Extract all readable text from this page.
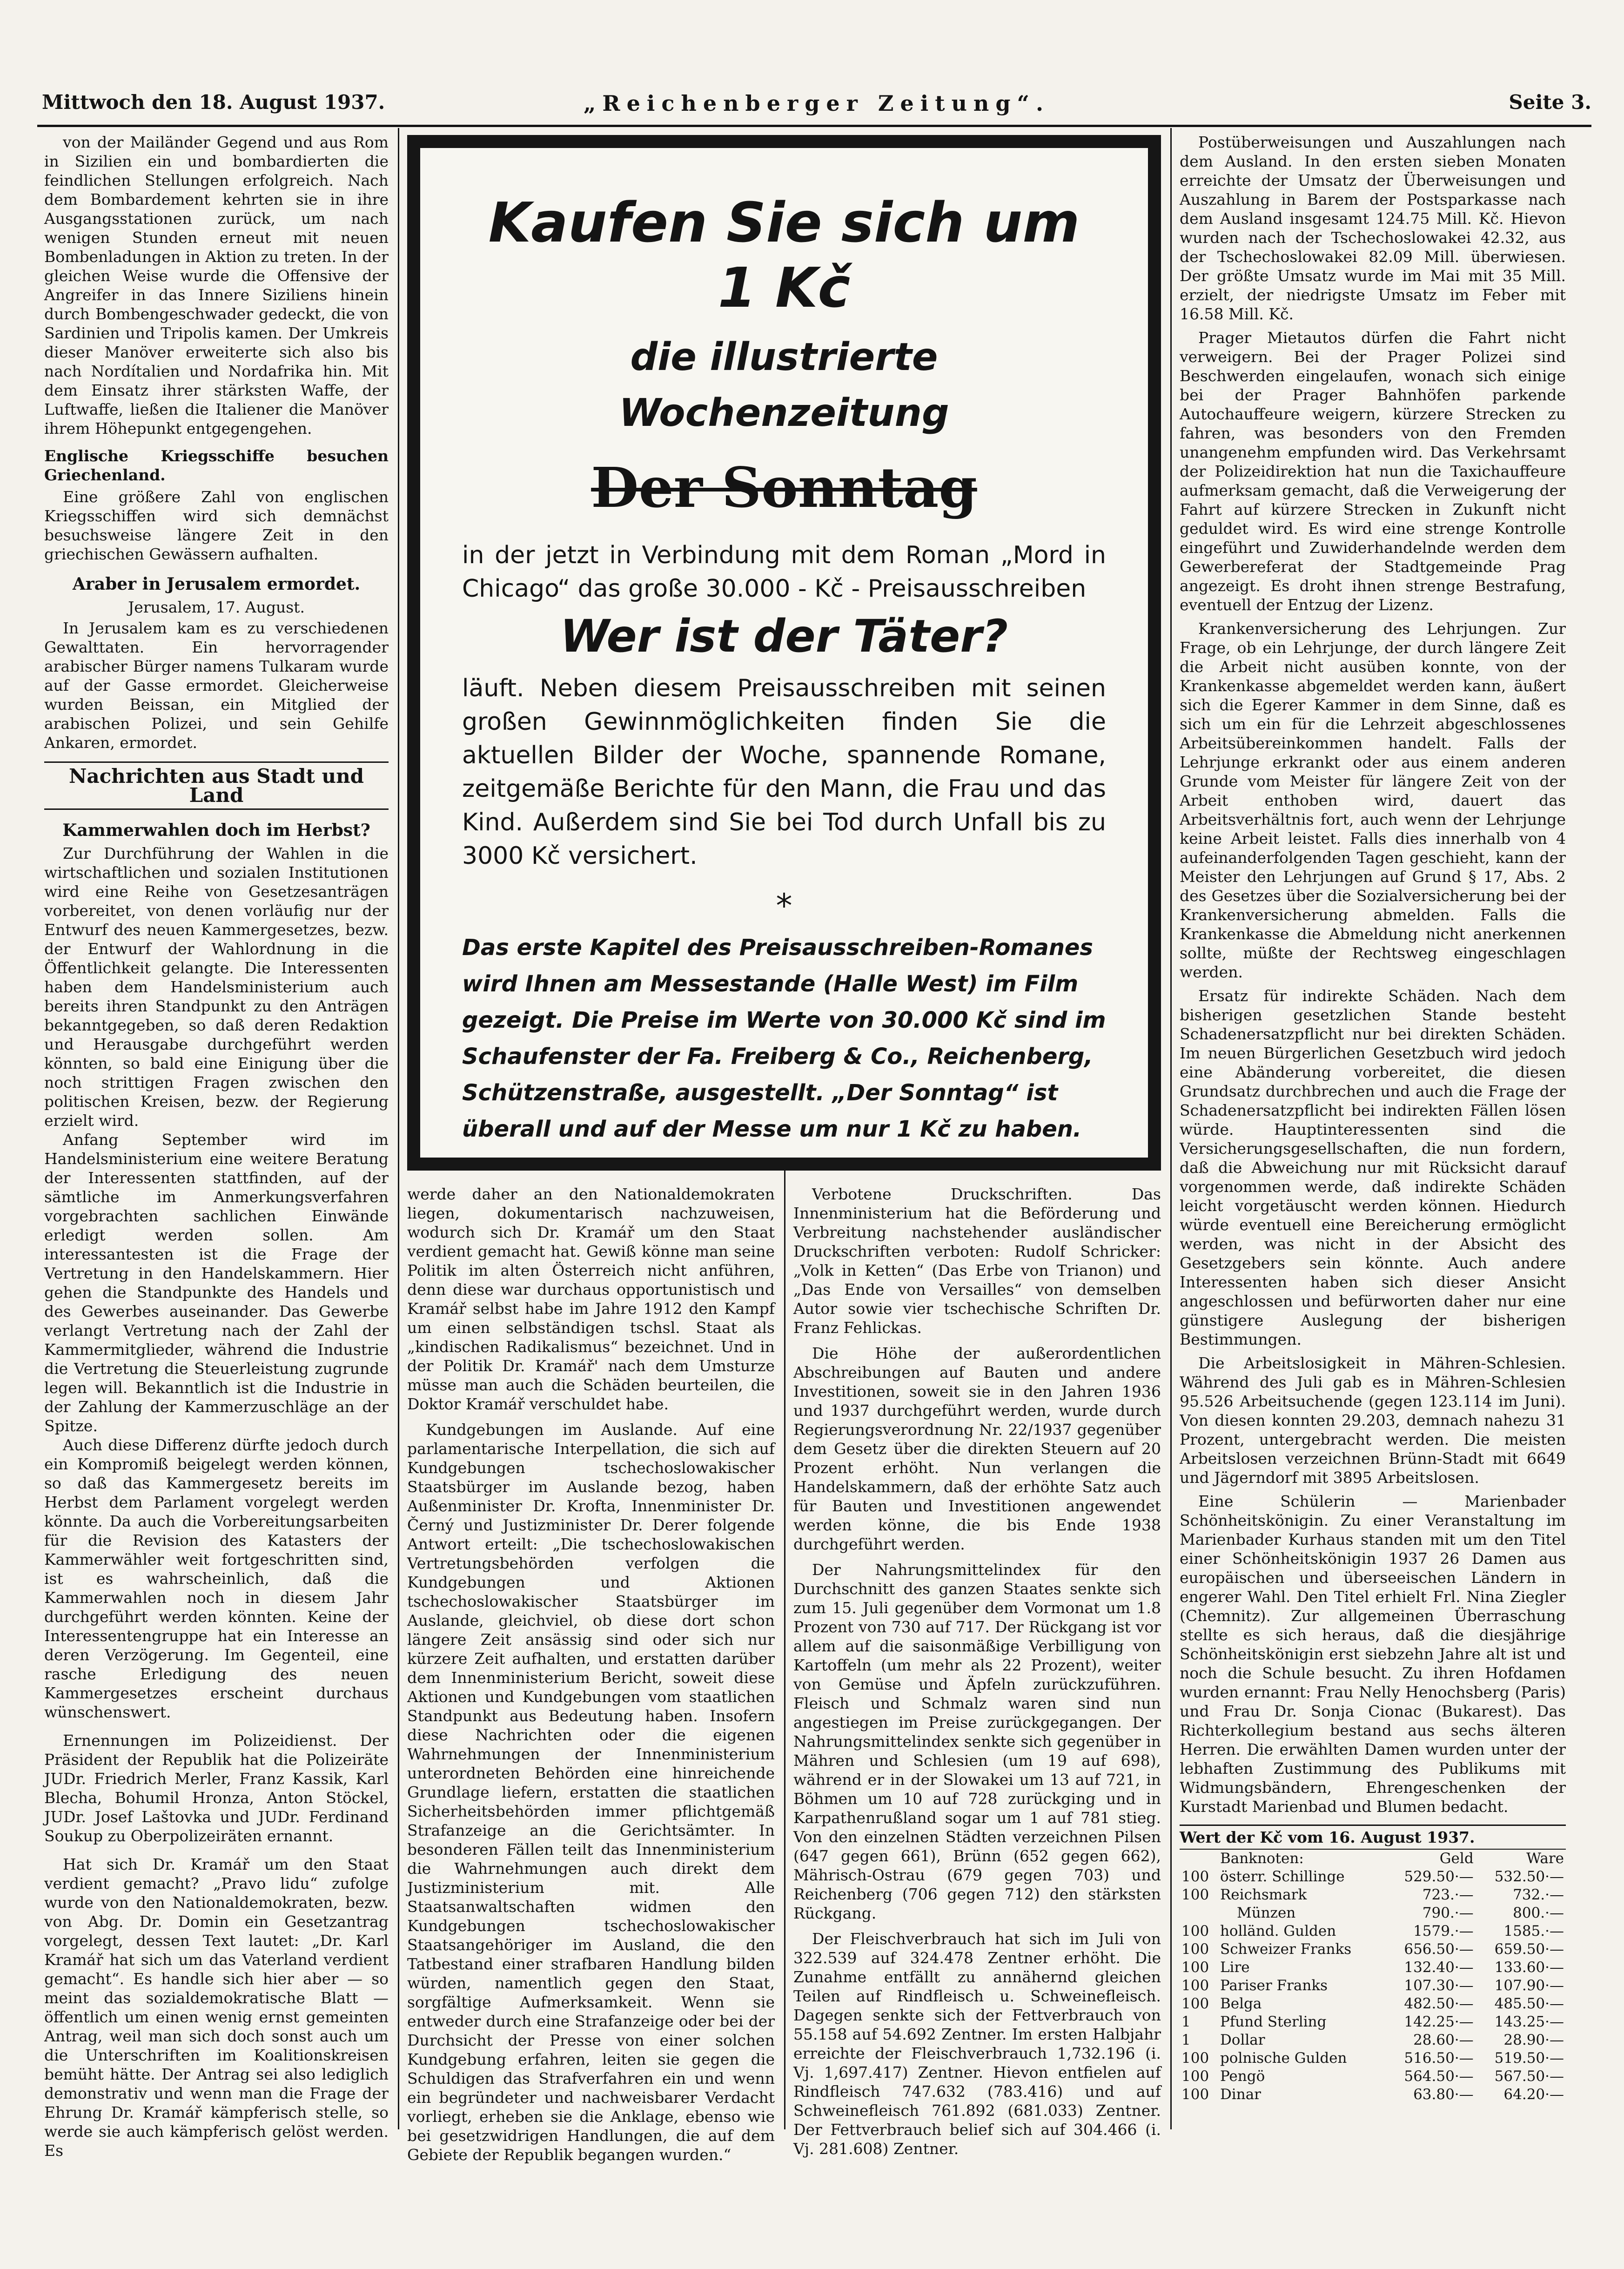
Mittwoch den 18. August 1937.	„Reichenberger Zeitung“.	Seite 3.

von der Mailänder Gegend und aus Rom in Sizilien ein und bombardierten die feindlichen Stellungen erfolgreich. Nach dem Bombardement kehrten sie in ihre Ausgangsstationen zurück, um nach wenigen Stunden erneut mit neuen Bombenladungen in Aktion zu treten. In der gleichen Weise wurde die Offensive der Angreifer in das Innere Siziliens hinein durch Bombengeschwader gedeckt, die von Sardinien und Tripolis kamen. Der Umkreis dieser Manöver erweiterte sich also bis nach Nordítalien und Nordafrika hin. Mit dem Einsatz ihrer stärksten Waffe, der Luftwaffe, ließen die Italiener die Manöver ihrem Höhepunkt entgegengehen.

Englische Kriegsschiffe besuchen Griechenland.

Eine größere Zahl von englischen Kriegsschiffen wird sich demnächst besuchsweise längere Zeit in den griechischen Gewässern aufhalten.

Araber in Jerusalem ermordet.
Jerusalem, 17. August.

In Jerusalem kam es zu verschiedenen Gewalttaten. Ein hervorragender arabischer Bürger namens Tulkaram wurde auf der Gasse ermordet. Gleicherweise wurden Beissan, ein Mitglied der arabischen Polizei, und sein Gehilfe Ankaren, ermordet.

Nachrichten aus Stadt und Land
Kammerwahlen doch im Herbst?

Zur Durchführung der Wahlen in die wirtschaftlichen und sozialen Institutionen wird eine Reihe von Gesetzesanträgen vorbereitet, von denen vorläufig nur der Entwurf des neuen Kammergesetzes, bezw. der Entwurf der Wahlordnung in die Öffentlichkeit gelangte. Die Interessenten haben dem Handelsministerium auch bereits ihren Standpunkt zu den Anträgen bekanntgegeben, so daß deren Redaktion und Herausgabe durchgeführt werden könnten, so bald eine Einigung über die noch strittigen Fragen zwischen den politischen Kreisen, bezw. der Regierung erzielt wird.

Anfang September wird im Handelsministerium eine weitere Beratung der Interessenten stattfinden, auf der sämtliche im Anmerkungsverfahren vorgebrachten sachlichen Einwände erledigt werden sollen. Am interessantesten ist die Frage der Vertretung in den Handelskammern. Hier gehen die Standpunkte des Handels und des Gewerbes auseinander. Das Gewerbe verlangt Vertretung nach der Zahl der Kammermitglieder, während die Industrie die Vertretung die Steuerleistung zugrunde legen will. Bekanntlich ist die Industrie in der Zahlung der Kammerzuschläge an der Spitze.

Auch diese Differenz dürfte jedoch durch ein Kompromiß beigelegt werden können, so daß das Kammergesetz bereits im Herbst dem Parlament vorgelegt werden könnte. Da auch die Vorbereitungsarbeiten für die Revision des Katasters der Kammerwähler weit fortgeschritten sind, ist es wahrscheinlich, daß die Kammerwahlen noch in diesem Jahr durchgeführt werden könnten. Keine der Interessentengruppe hat ein Interesse an deren Verzögerung. Im Gegenteil, eine rasche Erledigung des neuen Kammergesetzes erscheint durchaus wünschenswert.

Ernennungen im Polizeidienst. Der Präsident der Republik hat die Polizeiräte JUDr. Friedrich Merler, Franz Kassik, Karl Blecha, Bohumil Hronza, Anton Stöckel, JUDr. Josef Laštovka und JUDr. Ferdinand Soukup zu Oberpolizeiräten ernannt.

Hat sich Dr. Kramář um den Staat verdient gemacht? „Pravo lidu“ zufolge wurde von den Nationaldemokraten, bezw. von Abg. Dr. Domin ein Gesetzantrag vorgelegt, dessen Text lautet: „Dr. Karl Kramář hat sich um das Vaterland verdient gemacht“. Es handle sich hier aber — so meint das sozialdemokratische Blatt — öffentlich um einen wenig ernst gemeinten Antrag, weil man sich doch sonst auch um die Unterschriften im Koalitionskreisen bemüht hätte. Der Antrag sei also lediglich demonstrativ und wenn man die Frage der Ehrung Dr. Kramář kämpferisch stelle, so werde sie auch kämpferisch gelöst werden. Es

Kaufen Sie sich um 1 Kč
die illustrierte Wochenzeitung
Der Sonntag
in der jetzt in Verbindung mit dem Roman „Mord in Chicago“ das große 30.000 - Kč - Preisausschreiben
Wer ist der Täter?
läuft. Neben diesem Preisausschreiben mit seinen großen Gewinnmöglichkeiten finden Sie die aktuellen Bilder der Woche, spannende Romane, zeitgemäße Berichte für den Mann, die Frau und das Kind. Außerdem sind Sie bei Tod durch Unfall bis zu 3000 Kč versichert.
*
Das erste Kapitel des Preisausschreiben-Romanes wird Ihnen am Messestande (Halle West) im Film gezeigt. Die Preise im Werte von 30.000 Kč sind im Schaufenster der Fa. Freiberg & Co., Reichenberg, Schützenstraße, ausgestellt. „Der Sonntag“ ist überall und auf der Messe um nur 1 Kč zu haben.

werde daher an den Nationaldemokraten liegen, dokumentarisch nachzuweisen, wodurch sich Dr. Kramář um den Staat verdient gemacht hat. Gewiß könne man seine Politik im alten Österreich nicht anführen, denn diese war durchaus opportunistisch und Kramář selbst habe im Jahre 1912 den Kampf um einen selbständigen tschsl. Staat als „kindischen Radikalismus“ bezeichnet. Und in der Politik Dr. Kramář' nach dem Umsturze müsse man auch die Schäden beurteilen, die Doktor Kramář verschuldet habe.

Kundgebungen im Auslande. Auf eine parlamentarische Interpellation, die sich auf Kundgebungen tschechoslowakischer Staatsbürger im Auslande bezog, haben Außenminister Dr. Krofta, Innenminister Dr. Černý und Justizminister Dr. Derer folgende Antwort erteilt: „Die tschechoslowakischen Vertretungsbehörden verfolgen die Kundgebungen und Aktionen tschechoslowakischer Staatsbürger im Auslande, gleichviel, ob diese dort schon längere Zeit ansässig sind oder sich nur kürzere Zeit aufhalten, und erstatten darüber dem Innenministerium Bericht, soweit diese Aktionen und Kundgebungen vom staatlichen Standpunkt aus Bedeutung haben. Insofern diese Nachrichten oder die eigenen Wahrnehmungen der Innenministerium unterordneten Behörden eine hinreichende Grundlage liefern, erstatten die staatlichen Sicherheitsbehörden immer pflichtgemäß Strafanzeige an die Gerichtsämter. In besonderen Fällen teilt das Innenministerium die Wahrnehmungen auch direkt dem Justizministerium mit. Alle Staatsanwaltschaften widmen den Kundgebungen tschechoslowakischer Staatsangehöriger im Ausland, die den Tatbestand einer strafbaren Handlung bilden würden, namentlich gegen den Staat, sorgfältige Aufmerksamkeit. Wenn sie entweder durch eine Strafanzeige oder bei der Durchsicht der Presse von einer solchen Kundgebung erfahren, leiten sie gegen die Schuldigen das Strafverfahren ein und wenn ein begründeter und nachweisbarer Verdacht vorliegt, erheben sie die Anklage, ebenso wie bei gesetzwidrigen Handlungen, die auf dem Gebiete der Republik begangen wurden.“

Verbotene Druckschriften. Das Innenministerium hat die Beförderung und Verbreitung nachstehender ausländischer Druckschriften verboten: Rudolf Schricker: „Volk in Ketten“ (Das Erbe von Trianon) und „Das Ende von Versailles“ von demselben Autor sowie vier tschechische Schriften Dr. Franz Fehlickas.

Die Höhe der außerordentlichen Abschreibungen auf Bauten und andere Investitionen, soweit sie in den Jahren 1936 und 1937 durchgeführt werden, wurde durch Regierungsverordnung Nr. 22/1937 gegenüber dem Gesetz über die direkten Steuern auf 20 Prozent erhöht. Nun verlangen die Handelskammern, daß der erhöhte Satz auch für Bauten und Investitionen angewendet werden könne, die bis Ende 1938 durchgeführt werden.

Der Nahrungsmittelindex für den Durchschnitt des ganzen Staates senkte sich zum 15. Juli gegenüber dem Vormonat um 1.8 Prozent von 730 auf 717. Der Rückgang ist vor allem auf die saisonmäßige Verbilligung von Kartoffeln (um mehr als 22 Prozent), weiter von Gemüse und Äpfeln zurückzuführen. Fleisch und Schmalz waren sind nun angestiegen im Preise zurückgegangen. Der Nahrungsmittelindex senkte sich gegenüber in Mähren und Schlesien (um 19 auf 698), während er in der Slowakei um 13 auf 721, in Böhmen um 10 auf 728 zurückging und in Karpathenrußland sogar um 1 auf 781 stieg. Von den einzelnen Städten verzeichnen Pilsen (647 gegen 661), Brünn (652 gegen 662), Mährisch-Ostrau (679 gegen 703) und Reichenberg (706 gegen 712) den stärksten Rückgang.

Der Fleischverbrauch hat sich im Juli von 322.539 auf 324.478 Zentner erhöht. Die Zunahme entfällt zu annähernd gleichen Teilen auf Rindfleisch u. Schweinefleisch. Dagegen senkte sich der Fettverbrauch von 55.158 auf 54.692 Zentner. Im ersten Halbjahr erreichte der Fleischverbrauch 1,732.196 (i. Vj. 1,697.417) Zentner. Hievon entfielen auf Rindfleisch 747.632 (783.416) und auf Schweinefleisch 761.892 (681.033) Zentner. Der Fettverbrauch belief sich auf 304.466 (i. Vj. 281.608) Zentner.

Postüberweisungen und Auszahlungen nach dem Ausland. In den ersten sieben Monaten erreichte der Umsatz der Überweisungen und Auszahlung in Barem der Postsparkasse nach dem Ausland insgesamt 124.75 Mill. Kč. Hievon wurden nach der Tschechoslowakei 42.32, aus der Tschechoslowakei 82.09 Mill. überwiesen. Der größte Umsatz wurde im Mai mit 35 Mill. erzielt, der niedrigste Umsatz im Feber mit 16.58 Mill. Kč.

Prager Mietautos dürfen die Fahrt nicht verweigern. Bei der Prager Polizei sind Beschwerden eingelaufen, wonach sich einige bei der Prager Bahnhöfen parkende Autochauffeure weigern, kürzere Strecken zu fahren, was besonders von den Fremden unangenehm empfunden wird. Das Verkehrsamt der Polizeidirektion hat nun die Taxichauffeure aufmerksam gemacht, daß die Verweigerung der Fahrt auf kürzere Strecken in Zukunft nicht geduldet wird. Es wird eine strenge Kontrolle eingeführt und Zuwiderhandelnde werden dem Gewerbereferat der Stadtgemeinde Prag angezeigt. Es droht ihnen strenge Bestrafung, eventuell der Entzug der Lizenz.

Krankenversicherung des Lehrjungen. Zur Frage, ob ein Lehrjunge, der durch längere Zeit die Arbeit nicht ausüben konnte, von der Krankenkasse abgemeldet werden kann, äußert sich die Egerer Kammer in dem Sinne, daß es sich um ein für die Lehrzeit abgeschlossenes Arbeitsübereinkommen handelt. Falls der Lehrjunge erkrankt oder aus einem anderen Grunde vom Meister für längere Zeit von der Arbeit enthoben wird, dauert das Arbeitsverhältnis fort, auch wenn der Lehrjunge keine Arbeit leistet. Falls dies innerhalb von 4 aufeinanderfolgenden Tagen geschieht, kann der Meister den Lehrjungen auf Grund § 17, Abs. 2 des Gesetzes über die Sozialversicherung bei der Krankenversicherung abmelden. Falls die Krankenkasse die Abmeldung nicht anerkennen sollte, müßte der Rechtsweg eingeschlagen werden.

Ersatz für indirekte Schäden. Nach dem bisherigen gesetzlichen Stande besteht Schadenersatzpflicht nur bei direkten Schäden. Im neuen Bürgerlichen Gesetzbuch wird jedoch eine Abänderung vorbereitet, die diesen Grundsatz durchbrechen und auch die Frage der Schadenersatzpflicht bei indirekten Fällen lösen würde. Hauptinteressenten sind die Versicherungsgesellschaften, die nun fordern, daß die Abweichung nur mit Rücksicht darauf vorgenommen werde, daß indirekte Schäden leicht vorgetäuscht werden können. Hiedurch würde eventuell eine Bereicherung ermöglicht werden, was nicht in der Absicht des Gesetzgebers sein könnte. Auch andere Interessenten haben sich dieser Ansicht angeschlossen und befürworten daher nur eine günstigere Auslegung der bisherigen Bestimmungen.

Die Arbeitslosigkeit in Mähren-Schlesien. Während des Juli gab es in Mähren-Schlesien 95.526 Arbeitsuchende (gegen 123.114 im Juni). Von diesen konnten 29.203, demnach nahezu 31 Prozent, untergebracht werden. Die meisten Arbeitslosen verzeichnen Brünn-Stadt mit 6649 und Jägerndorf mit 3895 Arbeitslosen.

Eine Schülerin — Marienbader Schönheitskönigin. Zu einer Veranstaltung im Marienbader Kurhaus standen mit um den Titel einer Schönheitskönigin 1937 26 Damen aus europäischen und überseeischen Ländern in engerer Wahl. Den Titel erhielt Frl. Nina Ziegler (Chemnitz). Zur allgemeinen Überraschung stellte es sich heraus, daß die diesjährige Schönheitskönigin erst siebzehn Jahre alt ist und noch die Schule besucht. Zu ihren Hofdamen wurden ernannt: Frau Nelly Henochsberg (Paris) und Frau Dr. Sonja Cionac (Bukarest). Das Richterkollegium bestand aus sechs älteren Herren. Die erwählten Damen wurden unter der lebhaften Zustimmung des Publikums mit Widmungsbändern, Ehrengeschenken der Kurstadt Marienbad und Blumen bedacht.

Wert der Kč vom 16. August 1937.
	Banknoten:	Geld	Ware
100	österr. Schillinge	529.50·—	532.50·—
100	Reichsmark	723.·—	732.·—
	Münzen	790.·—	800.·—
100	holländ. Gulden	1579.·—	1585.·—
100	Schweizer Franks	656.50·—	659.50·—
100	Lire	132.40·—	133.60·—
100	Pariser Franks	107.30·—	107.90·—
100	Belga	482.50·—	485.50·—
1	Pfund Sterling	142.25·—	143.25·—
1	Dollar	28.60·—	28.90·—
100	polnische Gulden	516.50·—	519.50·—
100	Pengö	564.50·—	567.50·—
100	Dinar	63.80·—	64.20·—
